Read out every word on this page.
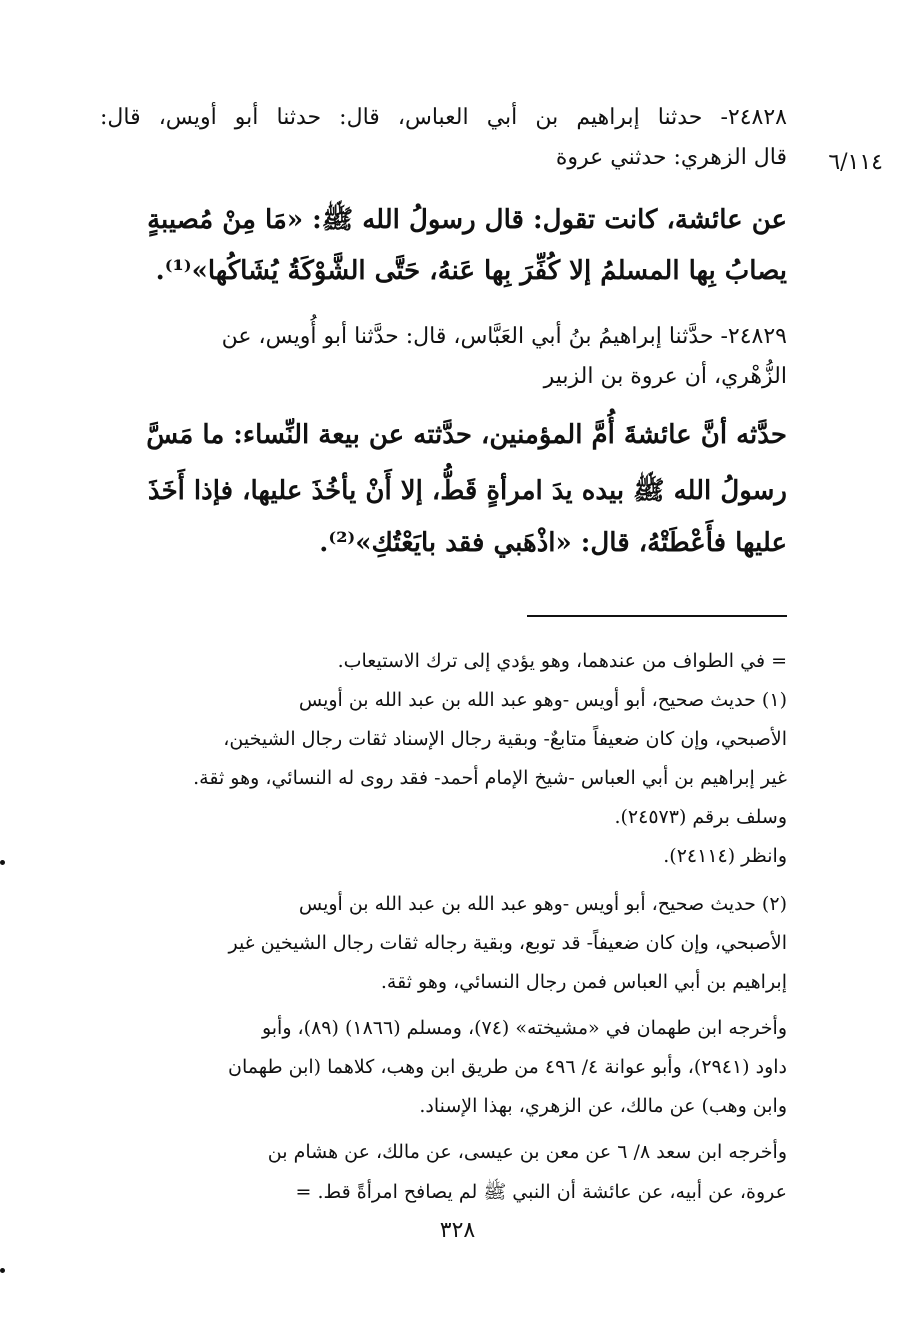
٦/١١٤
٢٤٨٢٨- حدثنا إبراهيم بن أبي العباس، قال: حدثنا أبو أويس، قال:
قال الزهري: حدثني عروة
عن عائشة، كانت تقول: قال رسولُ الله ﷺ: «مَا مِنْ مُصيبةٍ
يصابُ بِها المسلمُ إلا كُفِّرَ بِها عَنهُ، حَتَّى الشَّوْكَةُ يُشَاكُها»⁽¹⁾.
٢٤٨٢٩- حدَّثنا إبراهيمُ بنُ أبي العَبَّاس، قال: حدَّثنا أبو أُويس، عن
الزُّهْري، أن عروة بن الزبير
حدَّثه أنَّ عائشةَ أُمَّ المؤمنين، حدَّثته عن بيعة النِّساء: ما مَسَّ
رسولُ الله ﷺ بيده يدَ امرأةٍ قَطُّ، إلا أَنْ يأخُذَ عليها، فإذا أَخَذَ
عليها فأَعْطَتْهُ، قال: «اذْهَبي فقد بايَعْتُكِ»⁽²⁾.
= في الطواف من عندهما، وهو يؤدي إلى ترك الاستيعاب.
(١) حديث صحيح، أبو أويس -وهو عبد الله بن عبد الله بن أويس
الأصبحي، وإن كان ضعيفاً متابعٌ- وبقية رجال الإسناد ثقات رجال الشيخين،
غير إبراهيم بن أبي العباس -شيخ الإمام أحمد- فقد روى له النسائي، وهو ثقة.
وسلف برقم (٢٤٥٧٣).
وانظر (٢٤١١٤).
(٢) حديث صحيح، أبو أويس -وهو عبد الله بن عبد الله بن أويس
الأصبحي، وإن كان ضعيفاً- قد توبع، وبقية رجاله ثقات رجال الشيخين غير
إبراهيم بن أبي العباس فمن رجال النسائي، وهو ثقة.
وأخرجه ابن طهمان في «مشيخته» (٧٤)، ومسلم (١٨٦٦) (٨٩)، وأبو
داود (٢٩٤١)، وأبو عوانة ٤/ ٤٩٦ من طريق ابن وهب، كلاهما (ابن طهمان
وابن وهب) عن مالك، عن الزهري، بهذا الإسناد.
وأخرجه ابن سعد ٨/ ٦ عن معن بن عيسى، عن مالك، عن هشام بن
عروة، عن أبيه، عن عائشة أن النبي ﷺ لم يصافح امرأةً قط. =
٣٢٨
